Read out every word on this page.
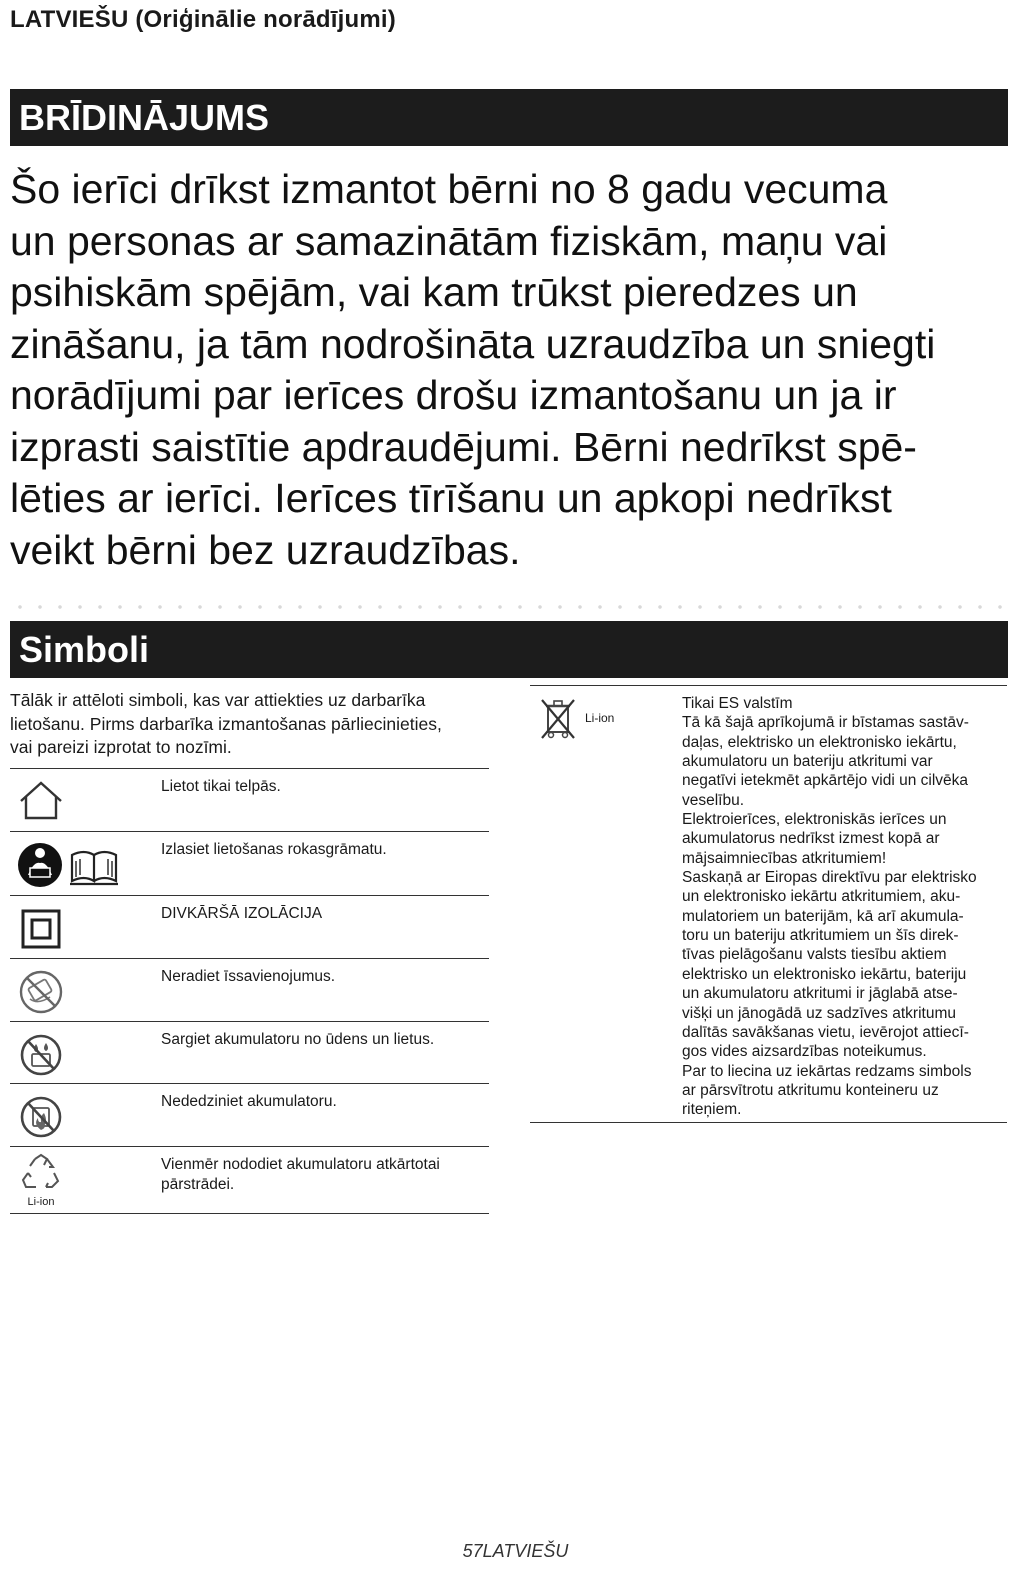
LATVIEŠU (Oriģinālie norādījumi)
BRĪDINĀJUMS
Šo ierīci drīkst izmantot bērni no 8 gadu vecuma
un personas ar samazinātām fiziskām, maņu vai
psihiskām spējām, vai kam trūkst pieredzes un
zināšanu, ja tām nodrošināta uzraudzība un sniegti
norādījumi par ierīces drošu izmantošanu un ja ir
izprasti saistītie apdraudējumi. Bērni nedrīkst spē-
lēties ar ierīci. Ierīces tīrīšanu un apkopi nedrīkst
veikt bērni bez uzraudzības.
Simboli
Tālāk ir attēloti simboli, kas var attiekties uz darbarīka
lietošanu. Pirms darbarīka izmantošanas pārliecinieties,
vai pareizi izprotat to nozīmi.
Lietot tikai telpās.
Izlasiet lietošanas rokasgrāmatu.
DIVKĀRŠĀ IZOLĀCIJA
Neradiet īssavienojumus.
Sargiet akumulatoru no ūdens un lietus.
Nededziniet akumulatoru.
Li-ion
Vienmēr nododiet akumulatoru atkārtotai
pārstrādei.
Li-ion
Tikai ES valstīm
Tā kā šajā aprīkojumā ir bīstamas sastāv-
daļas, elektrisko un elektronisko iekārtu,
akumulatoru un bateriju atkritumi var
negatīvi ietekmēt apkārtējo vidi un cilvēka
veselību.
Elektroierīces, elektroniskās ierīces un
akumulatorus nedrīkst izmest kopā ar
mājsaimniecības atkritumiem!
Saskaņā ar Eiropas direktīvu par elektrisko
un elektronisko iekārtu atkritumiem, aku-
mulatoriem un baterijām, kā arī akumula-
toru un bateriju atkritumiem un šīs direk-
tīvas pielāgošanu valsts tiesību aktiem
elektrisko un elektronisko iekārtu, bateriju
un akumulatoru atkritumi ir jāglabā atse-
višķi un jānogādā uz sadzīves atkritumu
dalītās savākšanas vietu, ievērojot attiecī-
gos vides aizsardzības noteikumus.
Par to liecina uz iekārtas redzams simbols
ar pārsvītrotu atkritumu konteineru uz
riteņiem.
57LATVIEŠU
